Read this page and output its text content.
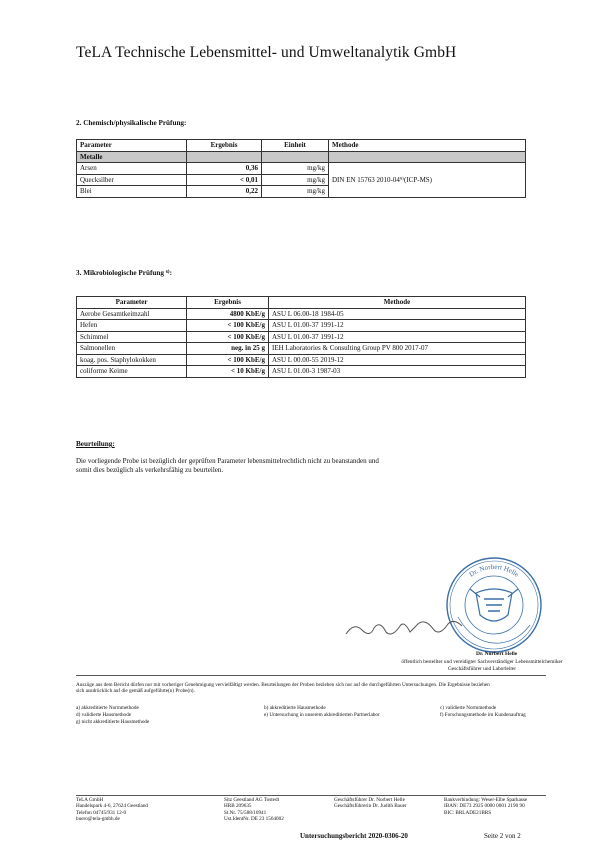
TeLA Technische Lebensmittel- und Umweltanalytik GmbH
2. Chemisch/physikalische Prüfung:
Parameter	Ergebnis	Einheit	Methode
Metalle			
Arsen	0,36	mg/kg	DIN EN 15763 2010-04⁹⁾(ICP-MS)
Quecksilber	< 0,01	mg/kg	
Blei	0,22	mg/kg	
3. Mikrobiologische Prüfung ⁶⁾:
Parameter	Ergebnis	Methode
Aerobe Gesamtkeimzahl	4800 KbE/g	ASU L 06.00-18 1984-05
Hefen	< 100 KbE/g	ASU L 01.00-37 1991-12
Schimmel	< 100 KbE/g	ASU L 01.00-37 1991-12
Salmonellen	neg. in 25 g	IEH Laboratories & Consulting Group PV 800 2017-07
koag. pos. Staphylokokken	< 100 KbE/g	ASU L 00.00-55 2019-12
coliforme Keime	< 10 KbE/g	ASU L 01.00-3 1987-03
Beurteilung:
Die vorliegende Probe ist bezüglich der geprüften Parameter lebensmittelrechtlich nicht zu beanstanden und
somit dies bezüglich als verkehrsfähig zu beurteilen.
Dr. Norbert Helle
Dr. Norbert Helle
öffentlich bestellter und vereidigter Sachverständiger Lebensmittelchemiker
Geschäftsführer und Laborleiter
Auszüge aus dem Bericht dürfen nur mit vorheriger Genehmigung vervielfältigt werden. Beurteilungen der Proben beziehen sich nur auf die durchgeführten Untersuchungen. Die Ergebnisse beziehen
sich ausdrücklich auf die gemäß aufgeführte(n) Probe(n).
a) akkreditierte Normmethode	b) akkreditierte Hausmethode	c) validierte Normmethode
d) validierte Hausmethode	e) Untersuchung in unserem akkreditierten Partnerlabor	f) Forschungsmethode im Kundenauftrag
g) nicht akkreditierte Hausmethode
TeLA GmbH
Handelspark 4-6, 27624 Geestland
Telefon 04745/931 12-0
buero@tela-gmbh.de
Sitz Geestland AG Tostedt
HRB 209635
St.Nr. 75/588/10941
Ust.IdentNr. DE 23 1564002
Geschäftsführer Dr. Norbert Helle
Geschäftsführerin Dr. Judith Bauer
Bankverbindung: Weser-Elbe Sparkasse
IBAN: DE73 2925 0000 0001 2190 90
BIC: BRLADE21BRS
Untersuchungsbericht 2020-0306-20	Seite 2 von 2
